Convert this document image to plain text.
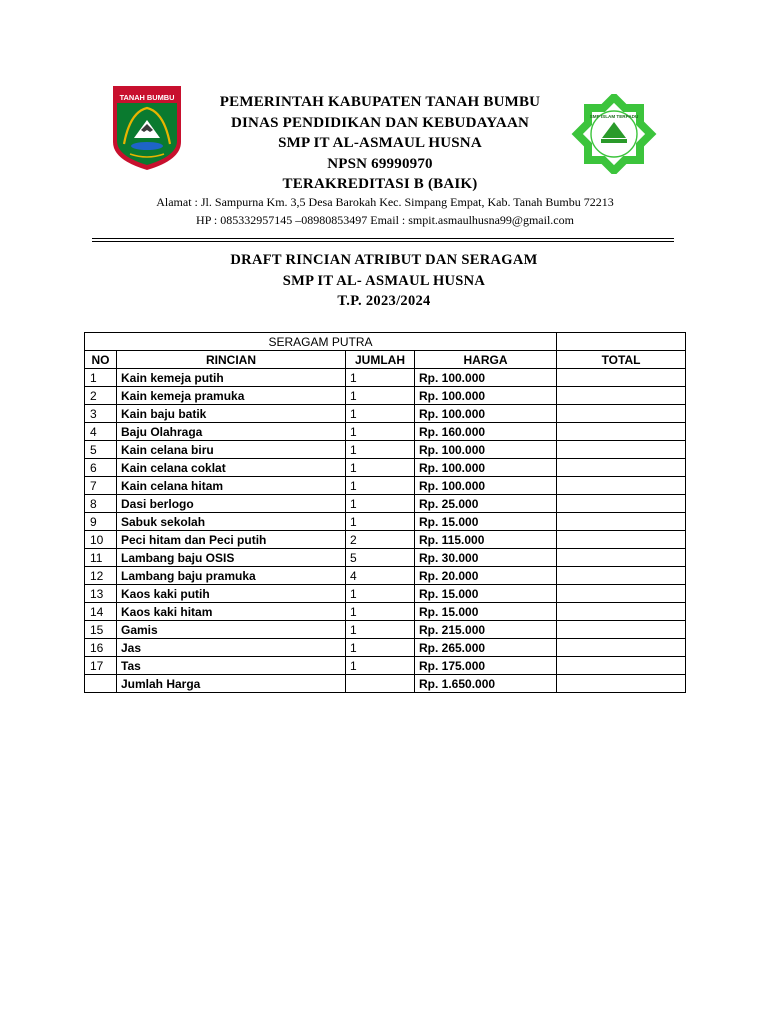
TANAH BUMBU
SMP ISLAM TERPADU
PEMERINTAH KABUPATEN TANAH BUMBU
DINAS PENDIDIKAN DAN KEBUDAYAAN
SMP IT AL-ASMAUL HUSNA
NPSN 69990970
TERAKREDITASI B (BAIK)
Alamat : Jl. Sampurna Km. 3,5 Desa Barokah Kec. Simpang Empat, Kab. Tanah Bumbu 72213
HP : 085332957145 –08980853497 Email : smpit.asmaulhusna99@gmail.com
DRAFT RINCIAN ATRIBUT DAN SERAGAM
SMP IT AL- ASMAUL HUSNA
T.P. 2023/2024
SERAGAM PUTRA				
NO	RINCIAN	JUMLAH	HARGA	TOTAL
1	Kain kemeja putih	1	Rp. 100.000	
2	Kain kemeja pramuka	1	Rp. 100.000	
3	Kain baju batik	1	Rp. 100.000	
4	Baju Olahraga	1	Rp. 160.000	
5	Kain celana biru	1	Rp. 100.000	
6	Kain celana coklat	1	Rp. 100.000	
7	Kain celana hitam	1	Rp. 100.000	
8	Dasi berlogo	1	Rp. 25.000	
9	Sabuk sekolah	1	Rp. 15.000	
10	Peci hitam dan Peci putih	2	Rp. 115.000	
11	Lambang baju OSIS	5	Rp. 30.000	
12	Lambang baju pramuka	4	Rp. 20.000	
13	Kaos kaki putih	1	Rp. 15.000	
14	Kaos kaki hitam	1	Rp. 15.000	
15	Gamis	1	Rp. 215.000	
16	Jas	1	Rp. 265.000	
17	Tas	1	Rp. 175.000	
	Jumlah Harga		Rp. 1.650.000	
